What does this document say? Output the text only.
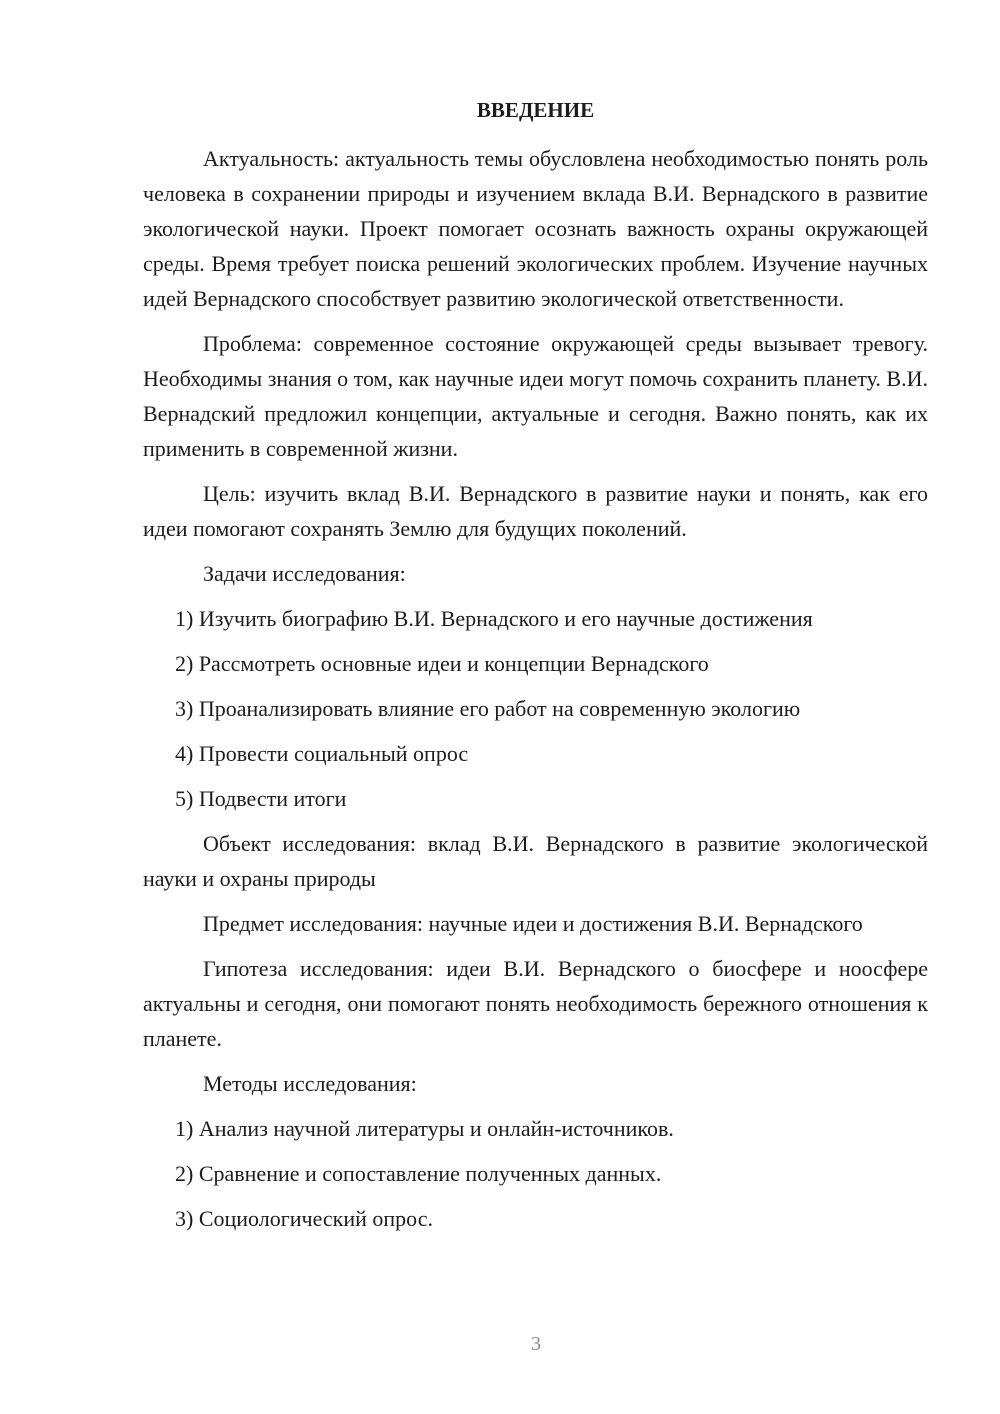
ВВЕДЕНИЕ

Актуальность: актуальность темы обусловлена необходимостью понять роль человека в сохранении природы и изучением вклада В.И. Вернадского в развитие экологической науки. Проект помогает осознать важность охраны окружающей среды. Время требует поиска решений экологических проблем. Изучение научных идей Вернадского способствует развитию экологической ответственности.

Проблема: современное состояние окружающей среды вызывает тревогу. Необходимы знания о том, как научные идеи могут помочь сохранить планету. В.И. Вернадский предложил концепции, актуальные и сегодня. Важно понять, как их применить в современной жизни.

Цель: изучить вклад В.И. Вернадского в развитие науки и понять, как его идеи помогают сохранять Землю для будущих поколений.

Задачи исследования:

1) Изучить биографию В.И. Вернадского и его научные достижения
2) Рассмотреть основные идеи и концепции Вернадского
3) Проанализировать влияние его работ на современную экологию
4) Провести социальный опрос
5) Подвести итоги

Объект исследования: вклад В.И. Вернадского в развитие экологической науки и охраны природы

Предмет исследования: научные идеи и достижения В.И. Вернадского

Гипотеза исследования: идеи В.И. Вернадского о биосфере и ноосфере актуальны и сегодня, они помогают понять необходимость бережного отношения к планете.

Методы исследования:

1) Анализ научной литературы и онлайн-источников.
2) Сравнение и сопоставление полученных данных.
3) Социологический опрос.
3
